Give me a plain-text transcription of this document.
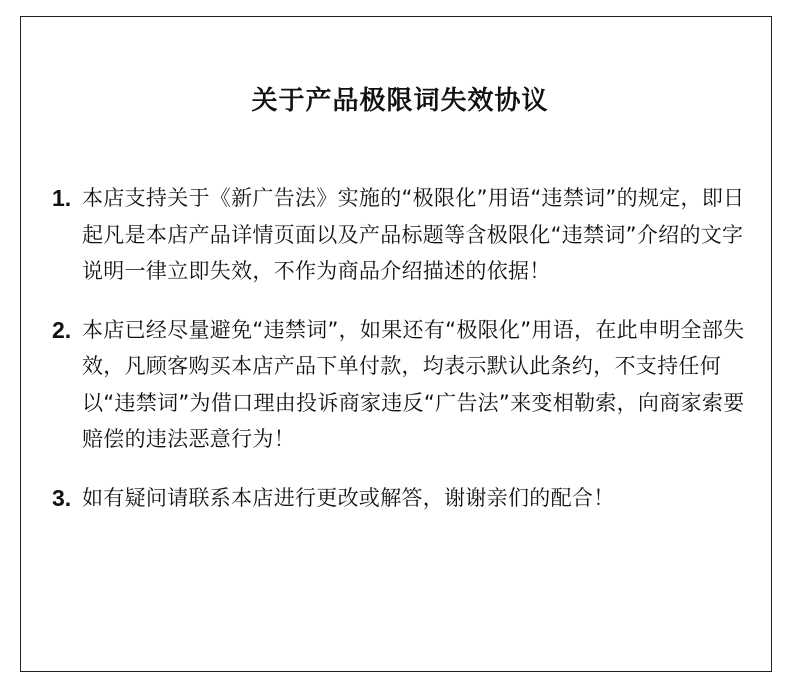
关于产品极限词失效协议
1. 本店支持关于《新广告法》实施的“极限化”用语“违禁词”的规定，即日起凡是本店产品详情页面以及产品标题等含极限化“违禁词”介绍的文字说明一律立即失效，不作为商品介绍描述的依据！
2. 本店已经尽量避免“违禁词”，如果还有“极限化”用语，在此申明全部失效，凡顾客购买本店产品下单付款，均表示默认此条约，不支持任何以“违禁词”为借口理由投诉商家违反“广告法”来变相勒索，向商家索要赔偿的违法恶意行为！
3. 如有疑问请联系本店进行更改或解答，谢谢亲们的配合！
